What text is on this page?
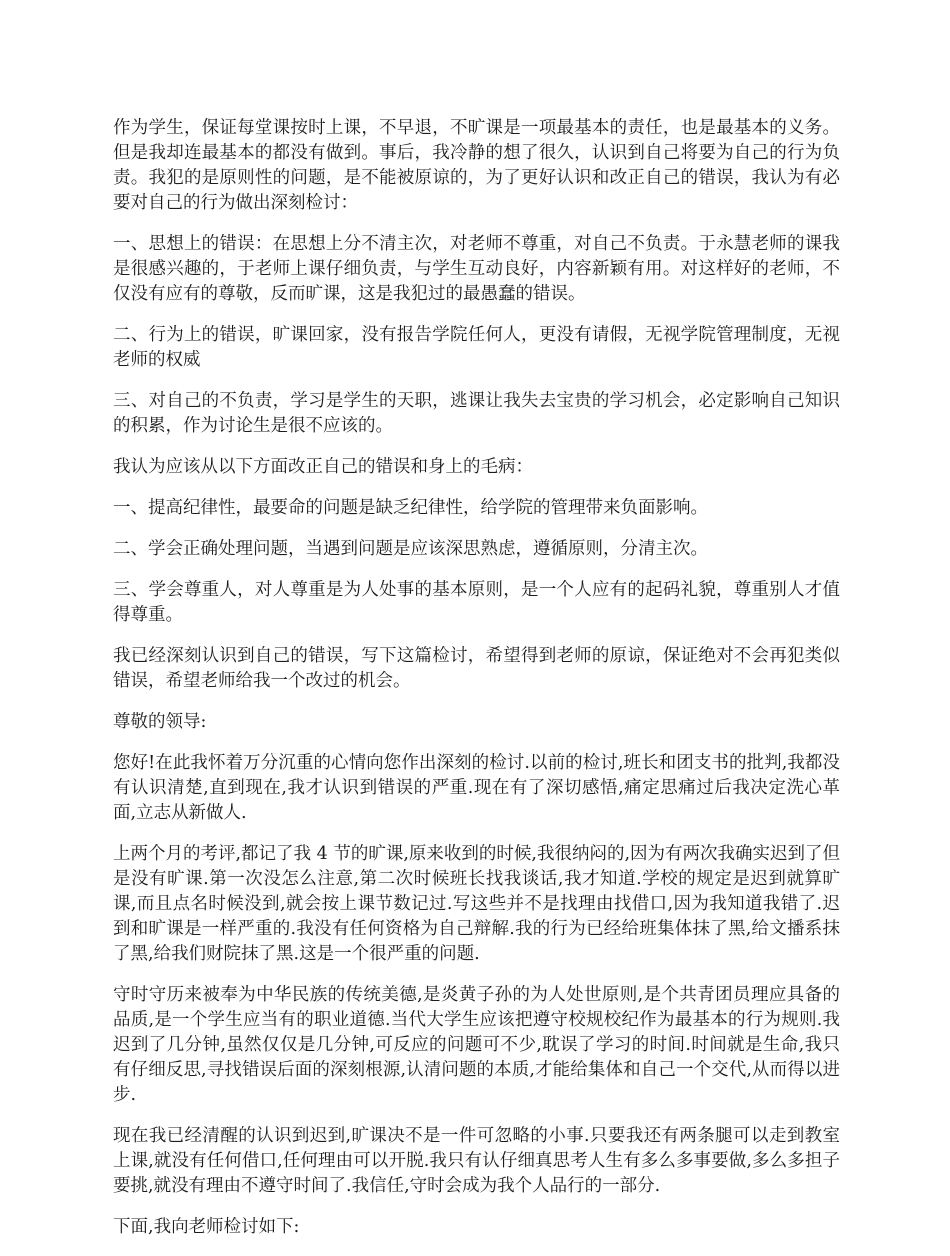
作为学生，保证每堂课按时上课，不早退，不旷课是一项最基本的责任，也是最基本的义务。但是我却连最基本的都没有做到。事后，我冷静的想了很久，认识到自己将要为自己的行为负责。我犯的是原则性的问题，是不能被原谅的，为了更好认识和改正自己的错误，我认为有必要对自己的行为做出深刻检讨：

一、思想上的错误：在思想上分不清主次，对老师不尊重，对自己不负责。于永慧老师的课我是很感兴趣的，于老师上课仔细负责，与学生互动良好，内容新颖有用。对这样好的老师，不仅没有应有的尊敬，反而旷课，这是我犯过的最愚蠢的错误。

二、行为上的错误，旷课回家，没有报告学院任何人，更没有请假，无视学院管理制度，无视老师的权威

三、对自己的不负责，学习是学生的天职，逃课让我失去宝贵的学习机会，必定影响自己知识的积累，作为讨论生是很不应该的。

我认为应该从以下方面改正自己的错误和身上的毛病：

一、提高纪律性，最要命的问题是缺乏纪律性，给学院的管理带来负面影响。

二、学会正确处理问题，当遇到问题是应该深思熟虑，遵循原则，分清主次。

三、学会尊重人，对人尊重是为人处事的基本原则，是一个人应有的起码礼貌，尊重别人才值得尊重。

我已经深刻认识到自己的错误，写下这篇检讨，希望得到老师的原谅，保证绝对不会再犯类似错误，希望老师给我一个改过的机会。

尊敬的领导:

您好!在此我怀着万分沉重的心情向您作出深刻的检讨.以前的检讨,班长和团支书的批判,我都没有认识清楚,直到现在,我才认识到错误的严重.现在有了深切感悟,痛定思痛过后我决定洗心革面,立志从新做人.

上两个月的考评,都记了我 4 节的旷课,原来收到的时候,我很纳闷的,因为有两次我确实迟到了但是没有旷课.第一次没怎么注意,第二次时候班长找我谈话,我才知道.学校的规定是迟到就算旷课,而且点名时候没到,就会按上课节数记过.写这些并不是找理由找借口,因为我知道我错了.迟到和旷课是一样严重的.我没有任何资格为自己辩解.我的行为已经给班集体抹了黑,给文播系抹了黑,给我们财院抹了黑.这是一个很严重的问题.

守时守历来被奉为中华民族的传统美德,是炎黄子孙的为人处世原则,是个共青团员理应具备的品质,是一个学生应当有的职业道德.当代大学生应该把遵守校规校纪作为最基本的行为规则.我迟到了几分钟,虽然仅仅是几分钟,可反应的问题可不少,耽误了学习的时间.时间就是生命,我只有仔细反思,寻找错误后面的深刻根源,认清问题的本质,才能给集体和自己一个交代,从而得以进步.

现在我已经清醒的认识到迟到,旷课决不是一件可忽略的小事.只要我还有两条腿可以走到教室上课,就没有任何借口,任何理由可以开脱.我只有认仔细真思考人生有多么多事要做,多么多担子要挑,就没有理由不遵守时间了.我信任,守时会成为我个人品行的一部分.

下面,我向老师检讨如下:
